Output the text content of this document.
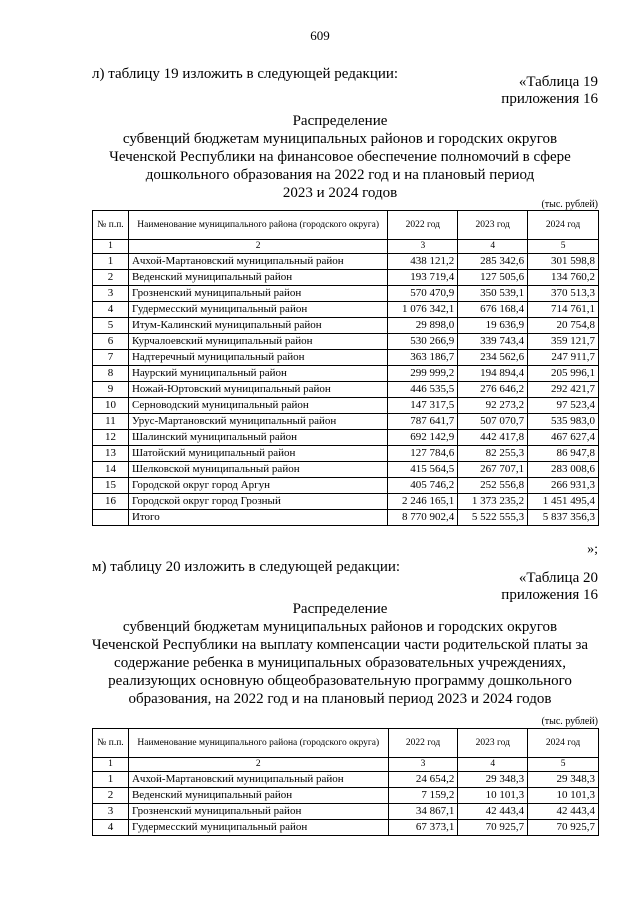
609
л) таблицу 19 изложить в следующей редакции:	«Таблица 19
приложения 16
Распределение
субвенций бюджетам муниципальных районов и городских округов
Чеченской Республики на финансовое обеспечение полномочий в сфере
дошкольного образования на 2022 год и на плановый период
2023 и 2024 годов
(тыс. рублей)
№ п.п.	Наименование муниципального района (городского округа)	2022 год	2023 год	2024 год
1	2	3	4	5
1	Ачхой-Мартановский муниципальный район	438 121,2	285 342,6	301 598,8
2	Веденский муниципальный район	193 719,4	127 505,6	134 760,2
3	Грозненский муниципальный район	570 470,9	350 539,1	370 513,3
4	Гудермесский муниципальный район	1 076 342,1	676 168,4	714 761,1
5	Итум-Калинский муниципальный район	29 898,0	19 636,9	20 754,8
6	Курчалоевский муниципальный район	530 266,9	339 743,4	359 121,7
7	Надтеречный муниципальный район	363 186,7	234 562,6	247 911,7
8	Наурский муниципальный район	299 999,2	194 894,4	205 996,1
9	Ножай-Юртовский муниципальный район	446 535,5	276 646,2	292 421,7
10	Серноводский муниципальный район	147 317,5	92 273,2	97 523,4
11	Урус-Мартановский муниципальный район	787 641,7	507 070,7	535 983,0
12	Шалинский муниципальный район	692 142,9	442 417,8	467 627,4
13	Шатойский муниципальный район	127 784,6	82 255,3	86 947,8
14	Шелковской муниципальный район	415 564,5	267 707,1	283 008,6
15	Городской округ город Аргун	405 746,2	252 556,8	266 931,3
16	Городской округ город Грозный	2 246 165,1	1 373 235,2	1 451 495,4
	Итого	8 770 902,4	5 522 555,3	5 837 356,3
»;
м) таблицу 20 изложить в следующей редакции:
«Таблица 20
приложения 16
Распределение
субвенций бюджетам муниципальных районов и городских округов
Чеченской Республики на выплату компенсации части родительской платы за
содержание ребенка в муниципальных образовательных учреждениях,
реализующих основную общеобразовательную программу дошкольного
образования, на 2022 год и на плановый период 2023 и 2024 годов
(тыс. рублей)
№ п.п.	Наименование муниципального района (городского округа)	2022 год	2023 год	2024 год
1	2	3	4	5
1	Ачхой-Мартановский муниципальный район	24 654,2	29 348,3	29 348,3
2	Веденский муниципальный район	7 159,2	10 101,3	10 101,3
3	Грозненский муниципальный район	34 867,1	42 443,4	42 443,4
4	Гудермесский муниципальный район	67 373,1	70 925,7	70 925,7
